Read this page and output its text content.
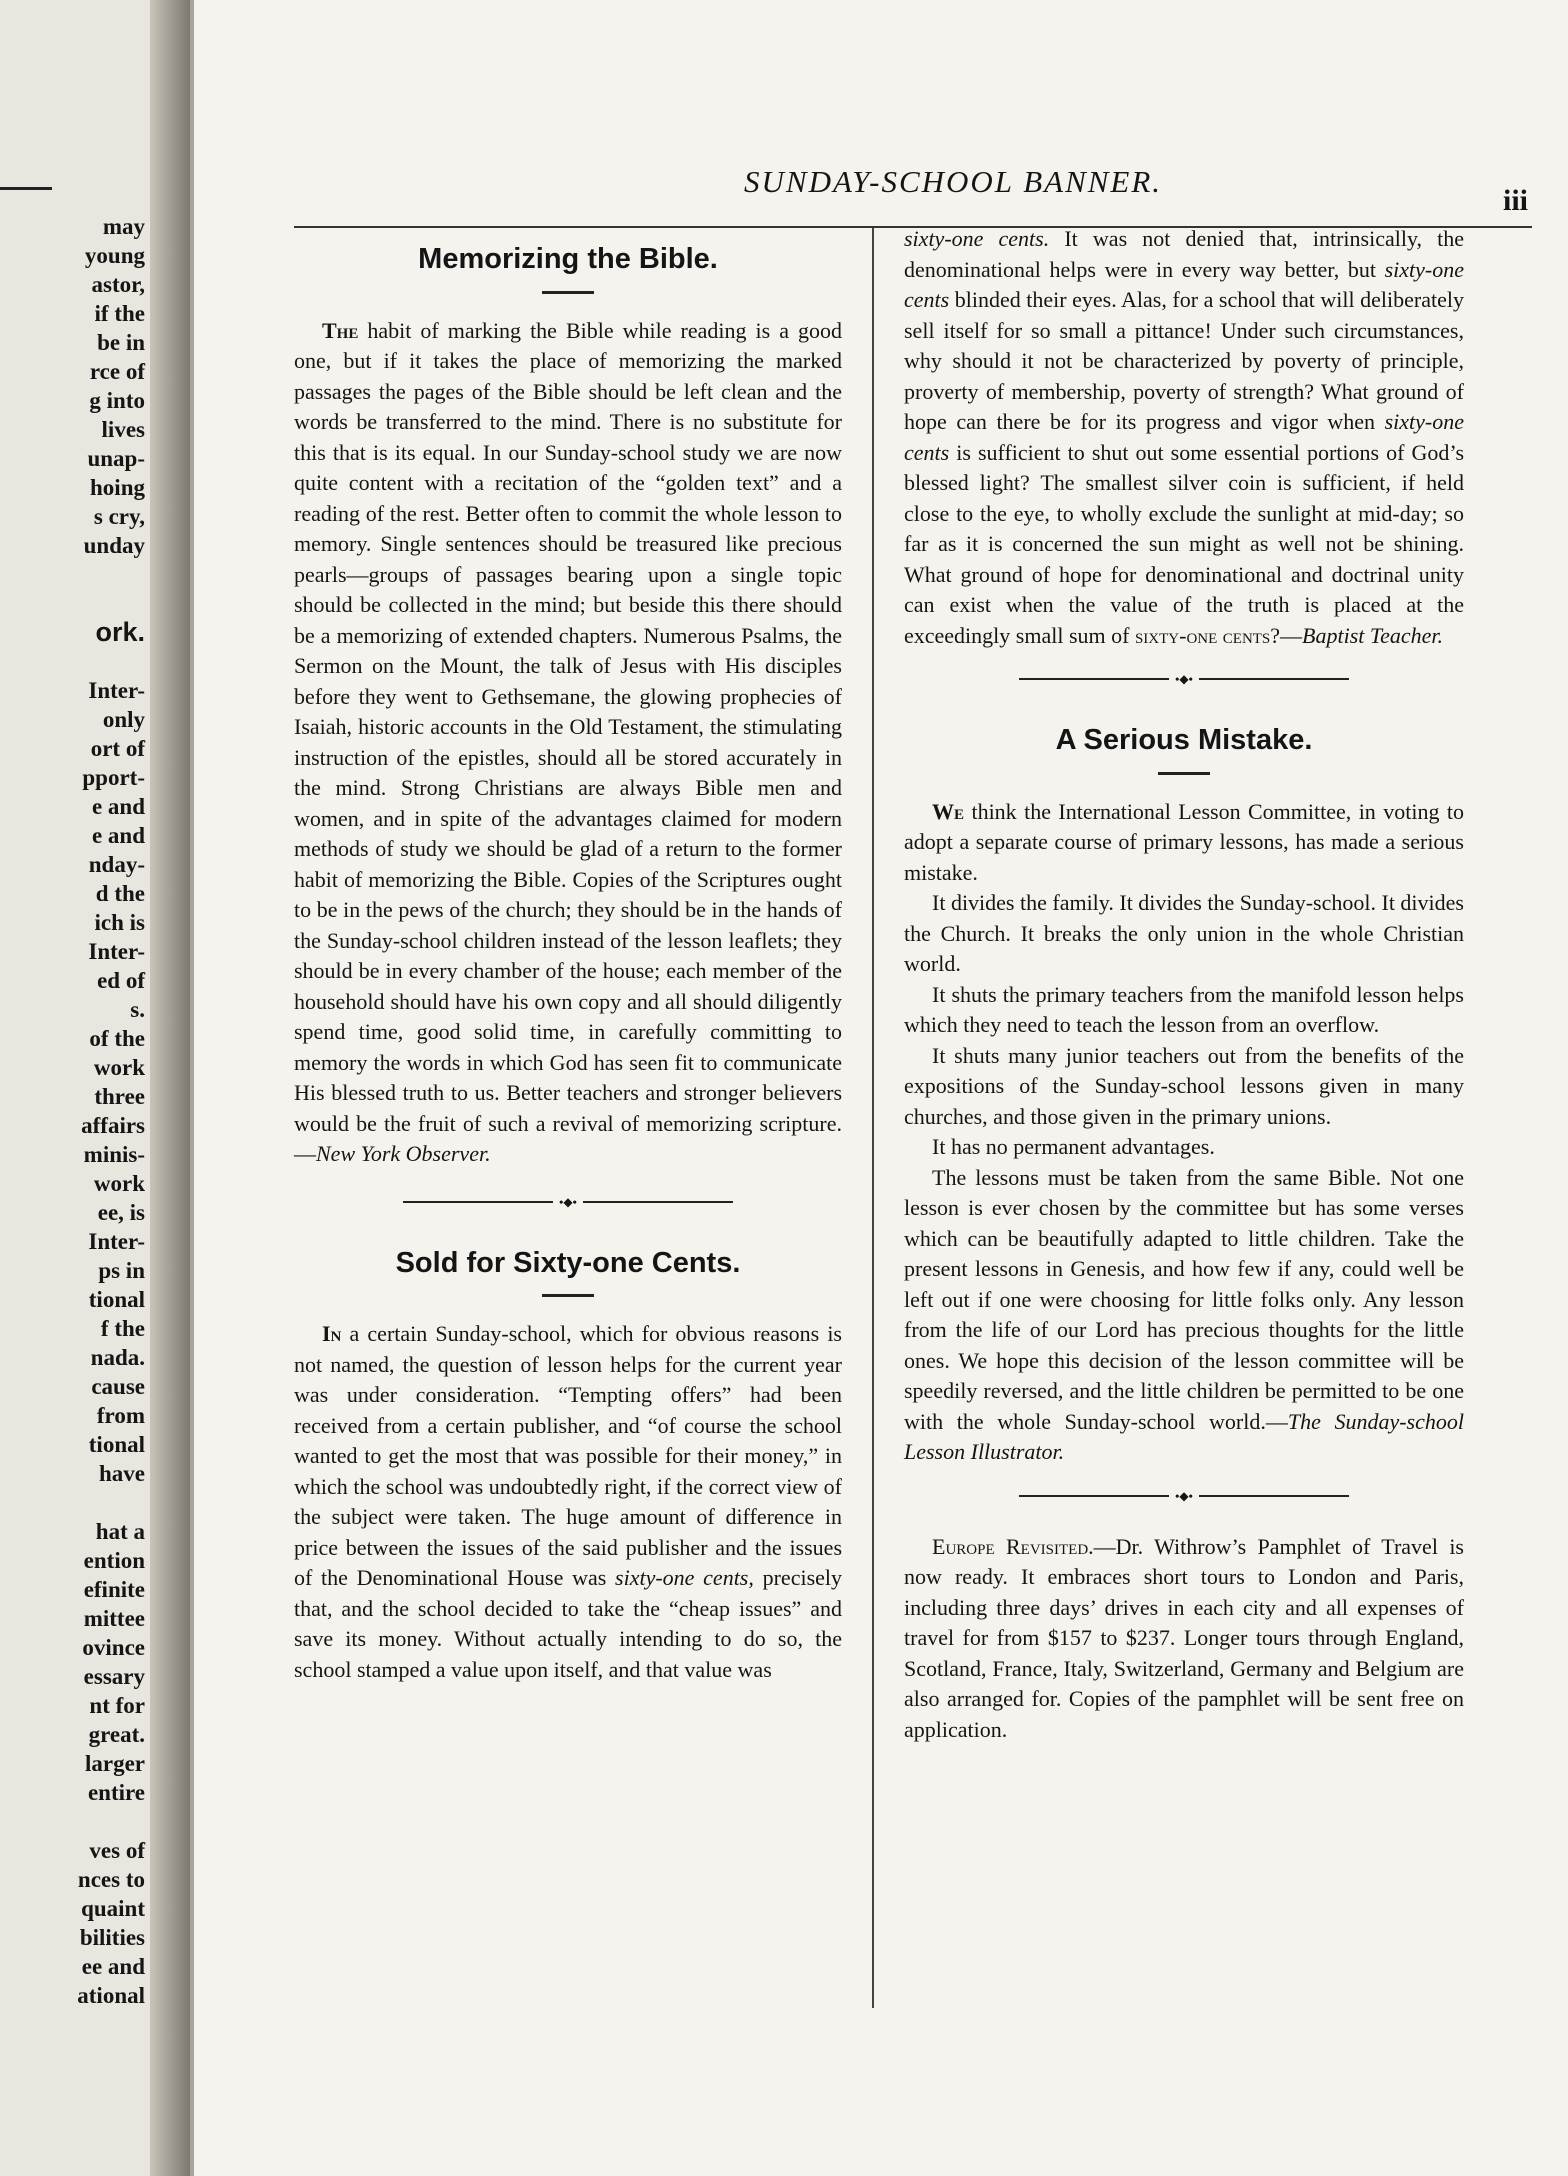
may
young
astor,
if the
be in
rce of
g into
lives
unap-
hoing
s cry,
unday
ork.
Inter-
only
ort of
pport-
e and
e and
nday-
d the
ich is
Inter-
ed of
s.
of the
work
three
affairs
minis-
work
ee, is
Inter-
ps in
tional
f the
nada.
cause
from
tional
have
hat a
ention
efinite
mittee
ovince
essary
nt for
great.
larger
entire
ves of
nces to
quaint
bilities
ee and
ational
SUNDAY-SCHOOL BANNER.
iii
Memorizing the Bible.

The habit of marking the Bible while reading is a good one, but if it takes the place of memorizing the marked passages the pages of the Bible should be left clean and the words be transferred to the mind. There is no substitute for this that is its equal. In our Sunday-school study we are now quite content with a recitation of the “golden text” and a reading of the rest. Better often to commit the whole lesson to memory. Single sentences should be treasured like precious pearls—groups of passages bearing upon a single topic should be collected in the mind; but beside this there should be a memorizing of extended chapters. Numerous Psalms, the Sermon on the Mount, the talk of Jesus with His disciples before they went to Gethsemane, the glowing prophecies of Isaiah, historic accounts in the Old Testament, the stimulating instruction of the epistles, should all be stored accurately in the mind. Strong Christians are always Bible men and women, and in spite of the advantages claimed for modern methods of study we should be glad of a return to the former habit of memorizing the Bible. Copies of the Scriptures ought to be in the pews of the church; they should be in the hands of the Sunday-school children instead of the lesson leaflets; they should be in every chamber of the house; each member of the household should have his own copy and all should diligently spend time, good solid time, in carefully committing to memory the words in which God has seen fit to communicate His blessed truth to us. Better teachers and stronger believers would be the fruit of such a revival of memorizing scripture.—New York Observer.

•◆•
Sold for Sixty-one Cents.

In a certain Sunday-school, which for obvious reasons is not named, the question of lesson helps for the current year was under consideration. “Tempting offers” had been received from a certain publisher, and “of course the school wanted to get the most that was possible for their money,” in which the school was undoubtedly right, if the correct view of the subject were taken. The huge amount of difference in price between the issues of the said publisher and the issues of the Denominational House was sixty-one cents, precisely that, and the school decided to take the “cheap issues” and save its money. Without actually intending to do so, the school stamped a value upon itself, and that value was

sixty-one cents. It was not denied that, intrinsically, the denominational helps were in every way better, but sixty-one cents blinded their eyes. Alas, for a school that will deliberately sell itself for so small a pittance! Under such circumstances, why should it not be characterized by poverty of principle, proverty of membership, poverty of strength? What ground of hope can there be for its progress and vigor when sixty-one cents is sufficient to shut out some essential portions of God’s blessed light? The smallest silver coin is sufficient, if held close to the eye, to wholly exclude the sunlight at mid-day; so far as it is concerned the sun might as well not be shining. What ground of hope for denominational and doctrinal unity can exist when the value of the truth is placed at the exceedingly small sum of sixty-one cents?—Baptist Teacher.

•◆•
A Serious Mistake.

We think the International Lesson Committee, in voting to adopt a separate course of primary lessons, has made a serious mistake.

It divides the family. It divides the Sunday-school. It divides the Church. It breaks the only union in the whole Christian world.

It shuts the primary teachers from the manifold lesson helps which they need to teach the lesson from an overflow.

It shuts many junior teachers out from the benefits of the expositions of the Sunday-school lessons given in many churches, and those given in the primary unions.

It has no permanent advantages.

The lessons must be taken from the same Bible. Not one lesson is ever chosen by the committee but has some verses which can be beautifully adapted to little children. Take the present lessons in Genesis, and how few if any, could well be left out if one were choosing for little folks only. Any lesson from the life of our Lord has precious thoughts for the little ones. We hope this decision of the lesson committee will be speedily reversed, and the little children be permitted to be one with the whole Sunday-school world.—The Sunday-school Lesson Illustrator.

•◆•

Europe Revisited.—Dr. Withrow’s Pamphlet of Travel is now ready. It embraces short tours to London and Paris, including three days’ drives in each city and all expenses of travel for from $157 to $237. Longer tours through England, Scotland, France, Italy, Switzerland, Germany and Belgium are also arranged for. Copies of the pamphlet will be sent free on application.
